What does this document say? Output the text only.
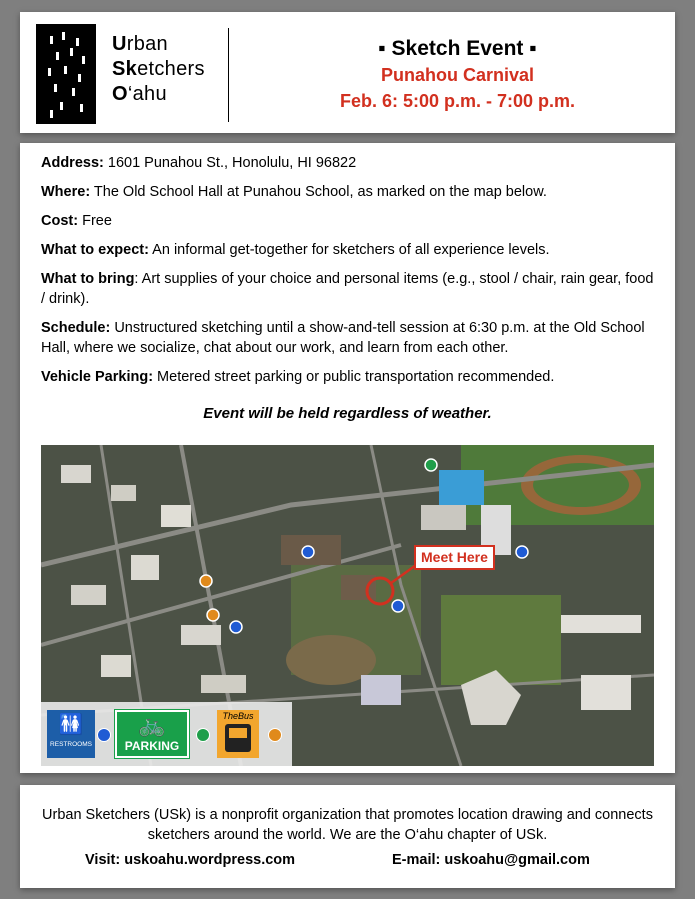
Urban
Sketchers
O‘ahu
▪ Sketch Event ▪
Punahou Carnival
Feb. 6: 5:00 p.m. - 7:00 p.m.

Address: 1601 Punahou St., Honolulu, HI 96822

Where: The Old School Hall at Punahou School, as marked on the map below.

Cost: Free

What to expect: An informal get-together for sketchers of all experience levels.

What to bring: Art supplies of your choice and personal items (e.g., stool / chair, rain gear, food / drink).

Schedule: Unstructured sketching until a show-and-tell session at 6:30 p.m. at the Old School Hall, where we socialize, chat about our work, and learn from each other.

Vehicle Parking: Metered street parking or public transportation recommended.

Event will be held regardless of weather.
Meet Here
🚻
RESTROOMS
🚲
PARKING
TheBus
Urban Sketchers (USk) is a nonprofit organization that promotes location drawing and connects sketchers around the world. We are the O‘ahu chapter of USk.
Visit: uskoahu.wordpress.com	E-mail: uskoahu@gmail.com
